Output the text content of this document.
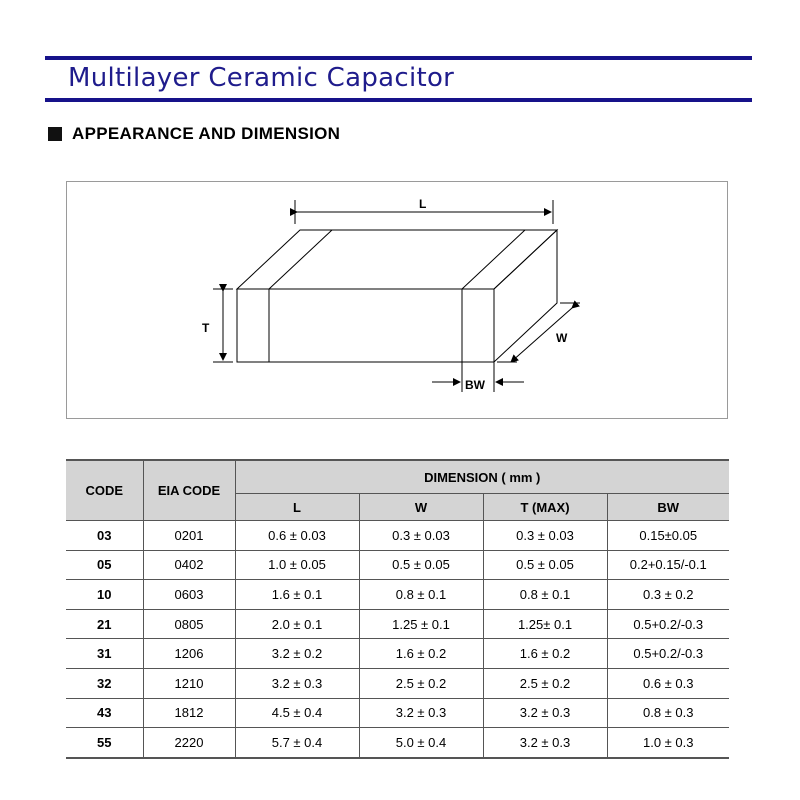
Multilayer Ceramic Capacitor
APPEARANCE AND DIMENSION
L
T
W
BW
CODE	EIA CODE	DIMENSION ( mm )			
		L	W	T (MAX)	BW
03	0201	0.6 ± 0.03	0.3 ± 0.03	0.3 ± 0.03	0.15±0.05
05	0402	1.0 ± 0.05	0.5 ± 0.05	0.5 ± 0.05	0.2+0.15/-0.1
10	0603	1.6 ± 0.1	0.8 ± 0.1	0.8 ± 0.1	0.3 ± 0.2
21	0805	2.0 ± 0.1	1.25 ± 0.1	1.25± 0.1	0.5+0.2/-0.3
31	1206	3.2 ± 0.2	1.6 ± 0.2	1.6 ± 0.2	0.5+0.2/-0.3
32	1210	3.2 ± 0.3	2.5 ± 0.2	2.5 ± 0.2	0.6 ± 0.3
43	1812	4.5 ± 0.4	3.2 ± 0.3	3.2 ± 0.3	0.8 ± 0.3
55	2220	5.7 ± 0.4	5.0 ± 0.4	3.2 ± 0.3	1.0 ± 0.3
